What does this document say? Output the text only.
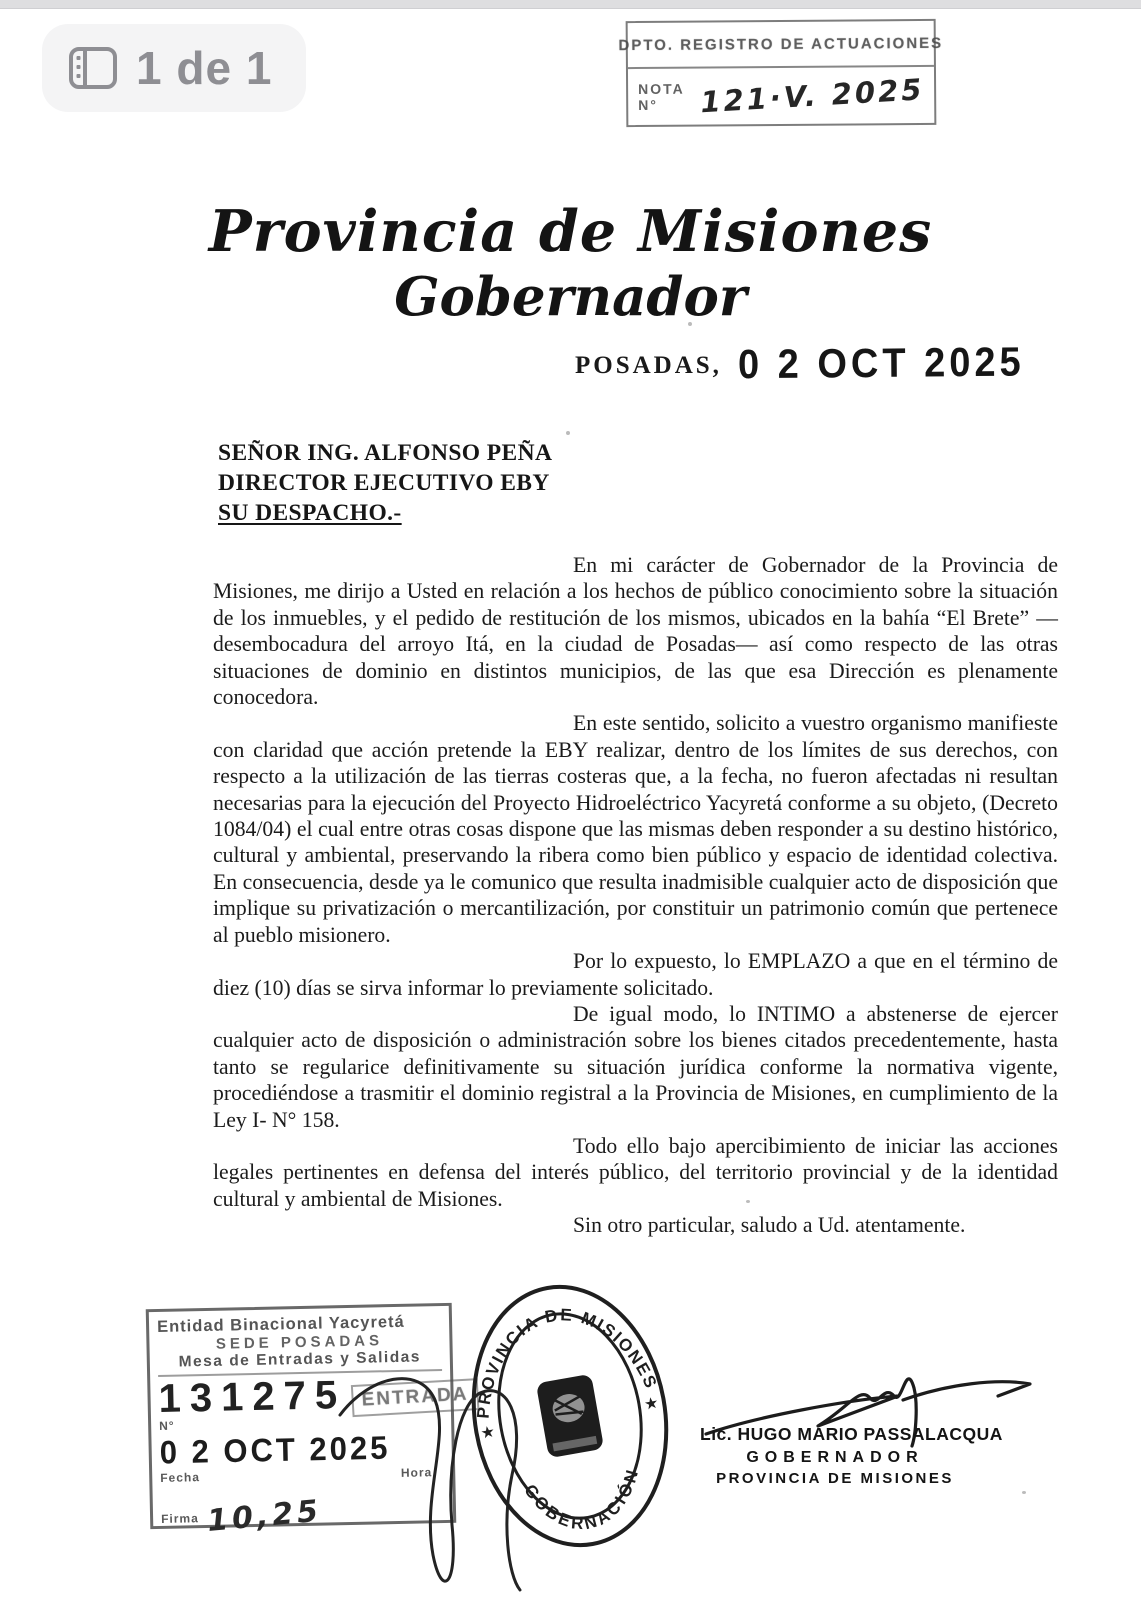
1 de 1	DPTO. REGISTRO DE ACTUACIONES
NOTA N°	121·V. 2025
Provincia de Misiones
Gobernador
POSADAS, 0 2 OCT 2025
SEÑOR ING. ALFONSO PEÑA
DIRECTOR EJECUTIVO EBY
SU DESPACHO.-

En mi carácter de Gobernador de la Provincia de Misiones, me dirijo a Usted en relación a los hechos de público conocimiento sobre la situación de los inmuebles, y el pedido de restitución de los mismos, ubicados en la bahía “El Brete” —desembocadura del arroyo Itá, en la ciudad de Posadas— así como respecto de las otras situaciones de dominio en distintos municipios, de las que esa Dirección es plenamente conocedora.

En este sentido, solicito a vuestro organismo manifieste con claridad que acción pretende la EBY realizar, dentro de los límites de sus derechos, con respecto a la utilización de las tierras costeras que, a la fecha, no fueron afectadas ni resultan necesarias para la ejecución del Proyecto Hidroeléctrico Yacyretá conforme a su objeto, (Decreto 1084/04) el cual entre otras cosas dispone que las mismas deben responder a su destino histórico, cultural y ambiental, preservando la ribera como bien público y espacio de identidad colectiva. En consecuencia, desde ya le comunico que resulta inadmisible cualquier acto de disposición que implique su privatización o mercantilización, por constituir un patrimonio común que pertenece al pueblo misionero.

Por lo expuesto, lo EMPLAZO a que en el término de diez (10) días se sirva informar lo previamente solicitado.

De igual modo, lo INTIMO a abstenerse de ejercer cualquier acto de disposición o administración sobre los bienes citados precedentemente, hasta tanto se regularice definitivamente su situación jurídica conforme la normativa vigente, procediéndose a trasmitir el dominio registral a la Provincia de Misiones, en cumplimiento de la Ley I- N° 158.

Todo ello bajo apercibimiento de iniciar las acciones legales pertinentes en defensa del interés público, del territorio provincial y de la identidad cultural y ambiental de Misiones.

Sin otro particular, saludo a Ud. atentamente.

Entidad Binacional Yacyretá
SEDE POSADAS
Mesa de Entradas y Salidas
131275
N°
ENTRADA
0 2 OCT 2025
Fecha	Hora
Firma 10,25
PROVINCIA DE MISIONES
GOBERNACIÓN
★
★
Lic. HUGO MARIO PASSALACQUA
GOBERNADOR
PROVINCIA DE MISIONES
